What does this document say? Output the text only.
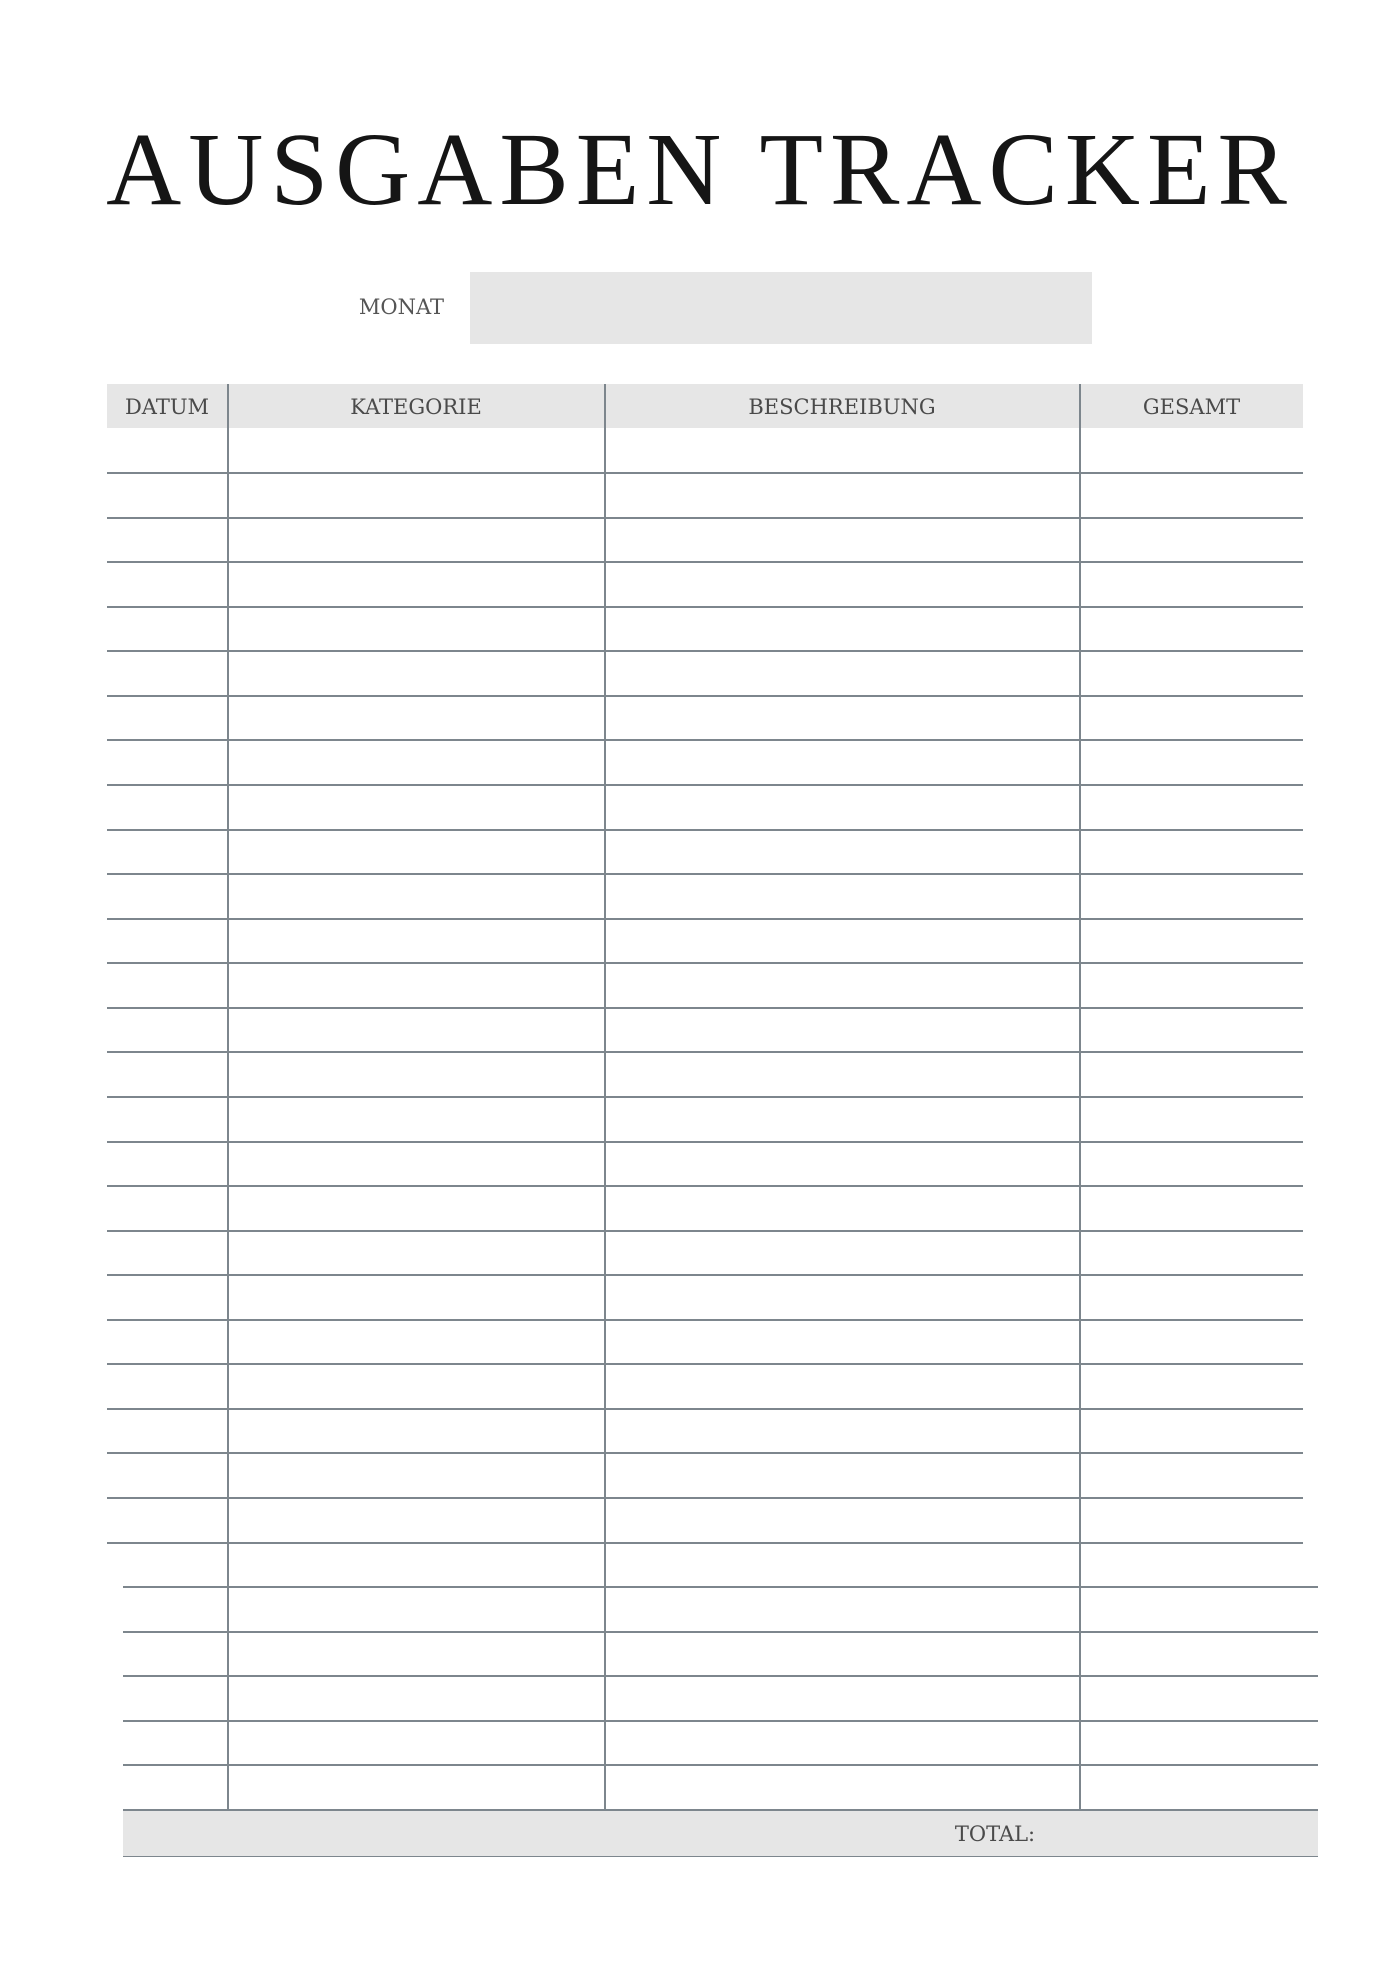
AUSGABEN TRACKER
MONAT
DATUM	KATEGORIE	BESCHREIBUNG	GESAMT
TOTAL:
